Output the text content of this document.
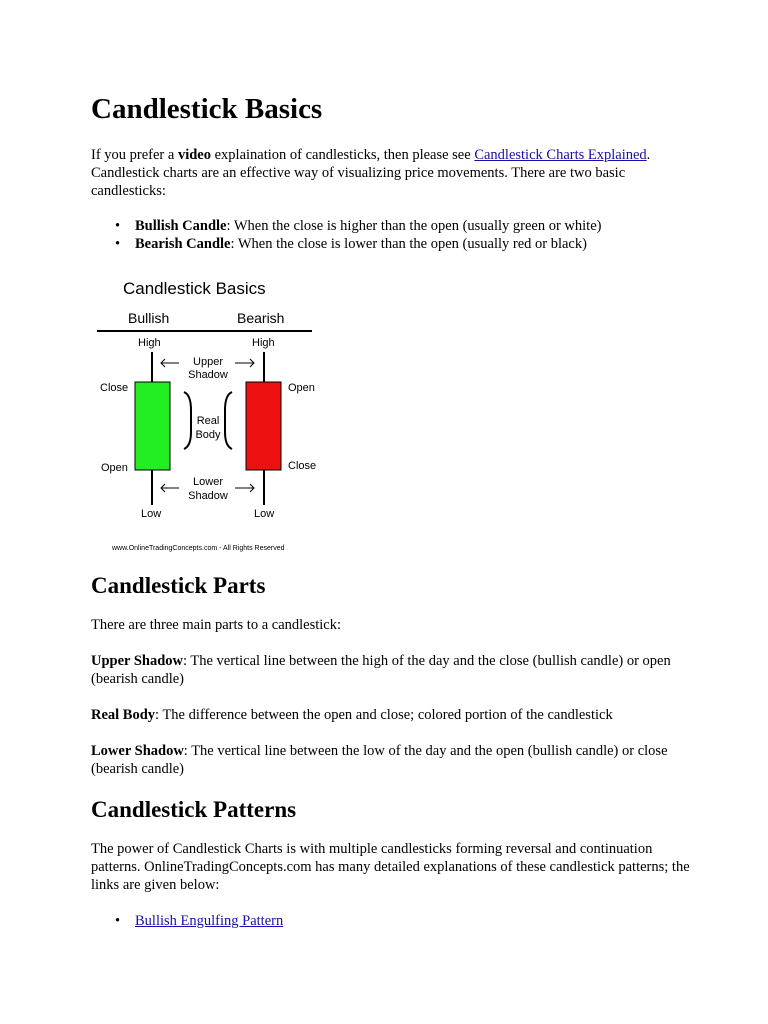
Candlestick Basics

If you prefer a video explaination of candlesticks, then please see Candlestick Charts Explained. Candlestick charts are an effective way of visualizing price movements. There are two basic candlesticks:

• Bullish Candle: When the close is higher than the open (usually green or white)
• Bearish Candle: When the close is lower than the open (usually red or black)
Candlestick Basics
Bullish	Bearish
High	High
Close
Open
Open
Close
Upper
Shadow
Real
Body
Lower
Shadow
Low	Low
www.OnlineTradingConcepts.com - All Rights Reserved
Candlestick Parts

There are three main parts to a candlestick:

Upper Shadow: The vertical line between the high of the day and the close (bullish candle) or open (bearish candle)

Real Body: The difference between the open and close; colored portion of the candlestick

Lower Shadow: The vertical line between the low of the day and the open (bullish candle) or close (bearish candle)

Candlestick Patterns

The power of Candlestick Charts is with multiple candlesticks forming reversal and continuation patterns. OnlineTradingConcepts.com has many detailed explanations of these candlestick patterns; the links are given below:

• Bullish Engulfing Pattern
